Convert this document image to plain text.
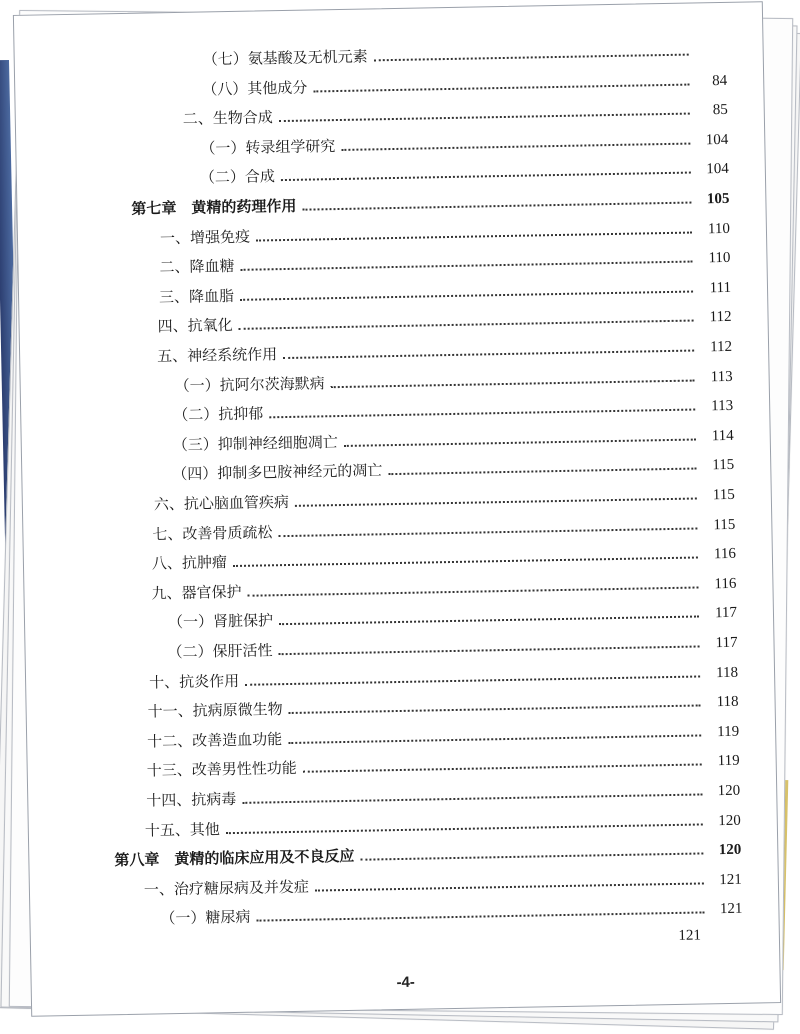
（七）氨基酸及无机元素
（八）其他成分	84
二、生物合成	85
（一）转录组学研究	104
（二）合成	104
第七章　黄精的药理作用	105
一、增强免疫	110
二、降血糖	110
三、降血脂	111
四、抗氧化	112
五、神经系统作用	112
（一）抗阿尔茨海默病	113
（二）抗抑郁	113
（三）抑制神经细胞凋亡	114
（四）抑制多巴胺神经元的凋亡	115
六、抗心脑血管疾病	115
七、改善骨质疏松	115
八、抗肿瘤	116
九、器官保护	116
（一）肾脏保护	117
（二）保肝活性	117
十、抗炎作用	118
十一、抗病原微生物	118
十二、改善造血功能	119
十三、改善男性性功能	119
十四、抗病毒	120
十五、其他	120
第八章　黄精的临床应用及不良反应	120
一、治疗糖尿病及并发症	121
（一）糖尿病	121
121
-4-
